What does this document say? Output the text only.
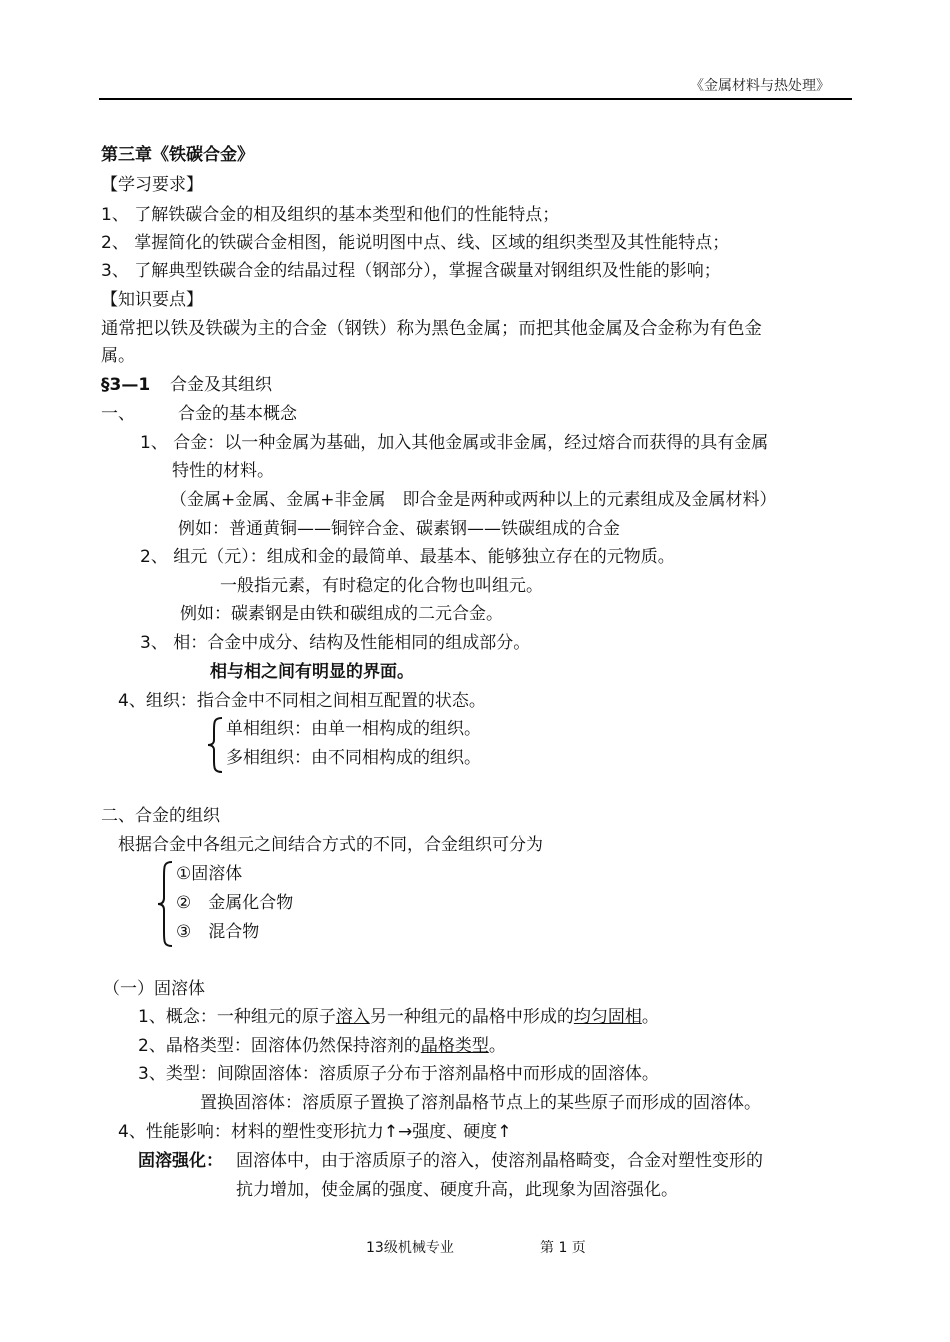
《金属材料与热处理》
第三章《铁碳合金》
【学习要求】
1、 了解铁碳合金的相及组织的基本类型和他们的性能特点；
2、 掌握简化的铁碳合金相图，能说明图中点、线、区域的组织类型及其性能特点；
3、 了解典型铁碳合金的结晶过程（钢部分），掌握含碳量对钢组织及性能的影响；
【知识要点】
通常把以铁及铁碳为主的合金（钢铁）称为黑色金属；而把其他金属及合金称为有色金
属。
§3—1 合金及其组织
一、	合金的基本概念
1、 合金：以一种金属为基础，加入其他金属或非金属，经过熔合而获得的具有金属
特性的材料。
（金属+金属、金属+非金属　即合金是两种或两种以上的元素组成及金属材料）
例如：普通黄铜——铜锌合金、碳素钢——铁碳组成的合金
2、 组元（元）：组成和金的最简单、最基本、能够独立存在的元物质。
一般指元素，有时稳定的化合物也叫组元。
例如：碳素钢是由铁和碳组成的二元合金。
3、 相：合金中成分、结构及性能相同的组成部分。
相与相之间有明显的界面。
4、组织：指合金中不同相之间相互配置的状态。
单相组织：由单一相构成的组织。
多相组织：由不同相构成的组织。
二、合金的组织
根据合金中各组元之间结合方式的不同，合金组织可分为
①固溶体
②　金属化合物
③　混合物
（一）固溶体
1、概念：一种组元的原子溶入另一种组元的晶格中形成的均匀固相。
2、晶格类型：固溶体仍然保持溶剂的晶格类型。
3、类型：间隙固溶体：溶质原子分布于溶剂晶格中而形成的固溶体。
置换固溶体：溶质原子置换了溶剂晶格节点上的某些原子而形成的固溶体。
4、性能影响：材料的塑性变形抗力↑→强度、硬度↑
固溶强化： 固溶体中，由于溶质原子的溶入，使溶剂晶格畸变，合金对塑性变形的
抗力增加，使金属的强度、硬度升高，此现象为固溶强化。
13级机械专业	第 1 页
